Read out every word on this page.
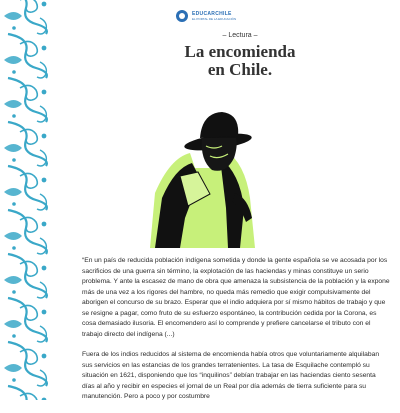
EDUCARCHILE
EL PORTAL DE LA EDUCACIÓN
– Lectura –
La encomienda
en Chile.

“En un país de reducida población indígena sometida y donde la gente española se ve acosada por los sacrificios de una guerra sin término, la explotación de las haciendas y minas constituye un serio problema. Y ante la escasez de mano de obra que amenaza la subsistencia de la población y la expone más de una vez a los rigores del hambre, no queda más remedio que exigir compulsivamente del aborigen el concurso de su brazo. Esperar que el indio adquiera por sí mismo hábitos de trabajo y que se resigne a pagar, como fruto de su esfuerzo espontáneo, la contribución cedida por la Corona, es cosa demasiado ilusoria. El encomendero así lo comprende y prefiere cancelarse el tributo con el trabajo directo del indígena (...)

Fuera de los indios reducidos al sistema de encomienda había otros que voluntariamente alquilaban sus servicios en las estancias de los grandes terratenientes. La tasa de Esquilache contempló su situación en 1621, disponiendo que los “inquilinos” debían trabajar en las haciendas ciento sesenta días al año y recibir en especies el jornal de un Real por día además de tierra suficiente para su manutención. Pero a poco y por costumbre
